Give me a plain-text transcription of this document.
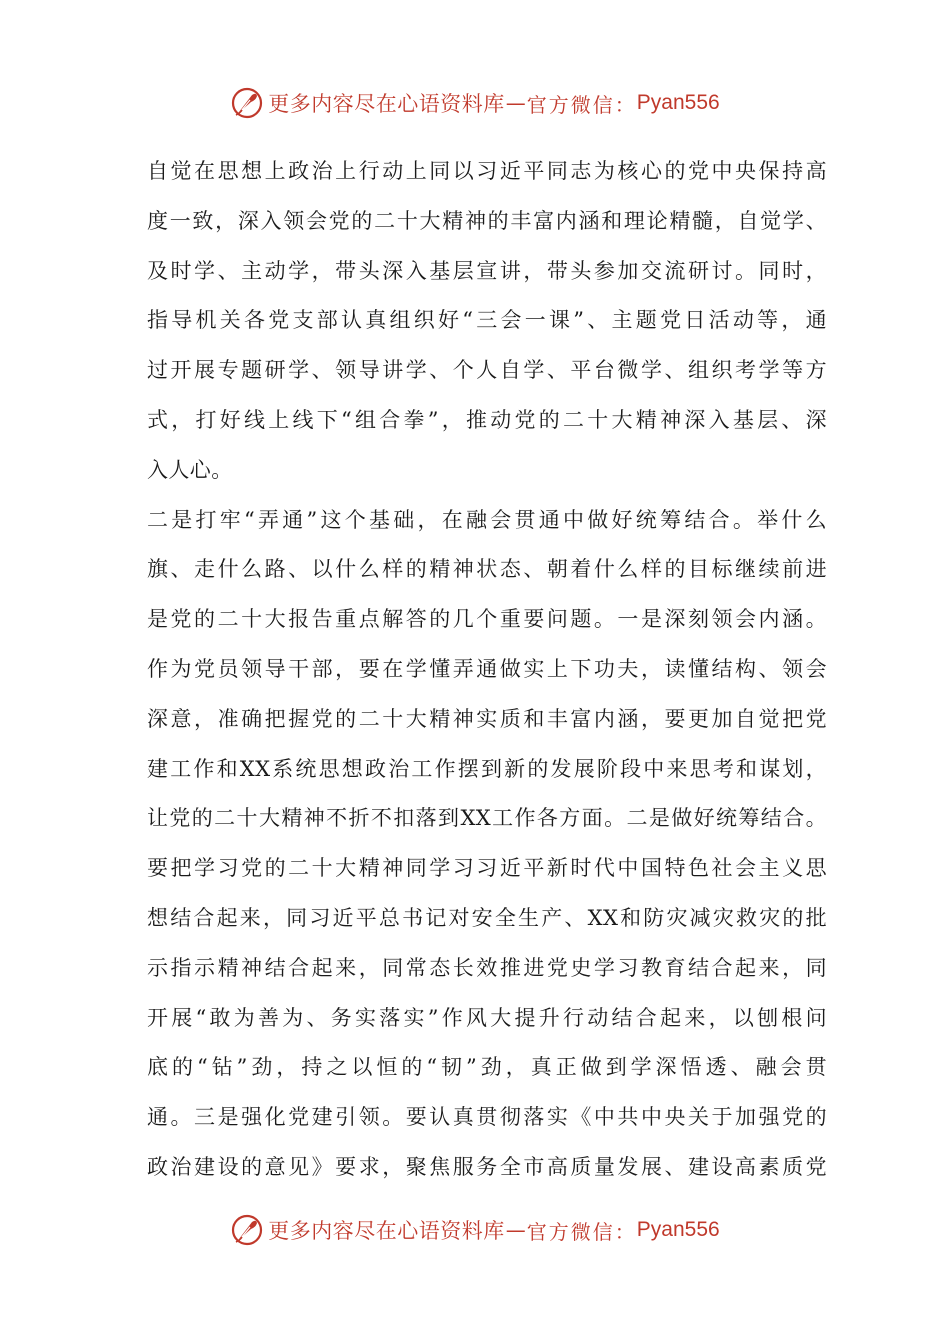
更多内容尽在心语资料库 — 官方微信： Pyan556
自觉在思想上政治上行动上同以习近平同志为核心的党中央保持高
度一致，深入领会党的二十大精神的丰富内涵和理论精髓，自觉学、
及时学、主动学，带头深入基层宣讲，带头参加交流研讨。同时，
指导机关各党支部认真组织好“三会一课”、主题党日活动等，通
过开展专题研学、领导讲学、个人自学、平台微学、组织考学等方
式，打好线上线下“组合拳”，推动党的二十大精神深入基层、深
入人心。
二是打牢“弄通”这个基础，在融会贯通中做好统筹结合。举什么
旗、走什么路、以什么样的精神状态、朝着什么样的目标继续前进
是党的二十大报告重点解答的几个重要问题。一是深刻领会内涵。
作为党员领导干部，要在学懂弄通做实上下功夫，读懂结构、领会
深意，准确把握党的二十大精神实质和丰富内涵，要更加自觉把党
建工作和XX系统思想政治工作摆到新的发展阶段中来思考和谋划，
让党的二十大精神不折不扣落到XX工作各方面。二是做好统筹结合。
要把学习党的二十大精神同学习习近平新时代中国特色社会主义思
想结合起来，同习近平总书记对安全生产、XX和防灾减灾救灾的批
示指示精神结合起来，同常态长效推进党史学习教育结合起来，同
开展“敢为善为、务实落实”作风大提升行动结合起来，以刨根问
底的“钻”劲，持之以恒的“韧”劲，真正做到学深悟透、融会贯
通。三是强化党建引领。要认真贯彻落实《中共中央关于加强党的
政治建设的意见》要求，聚焦服务全市高质量发展、建设高素质党
更多内容尽在心语资料库 — 官方微信： Pyan556
